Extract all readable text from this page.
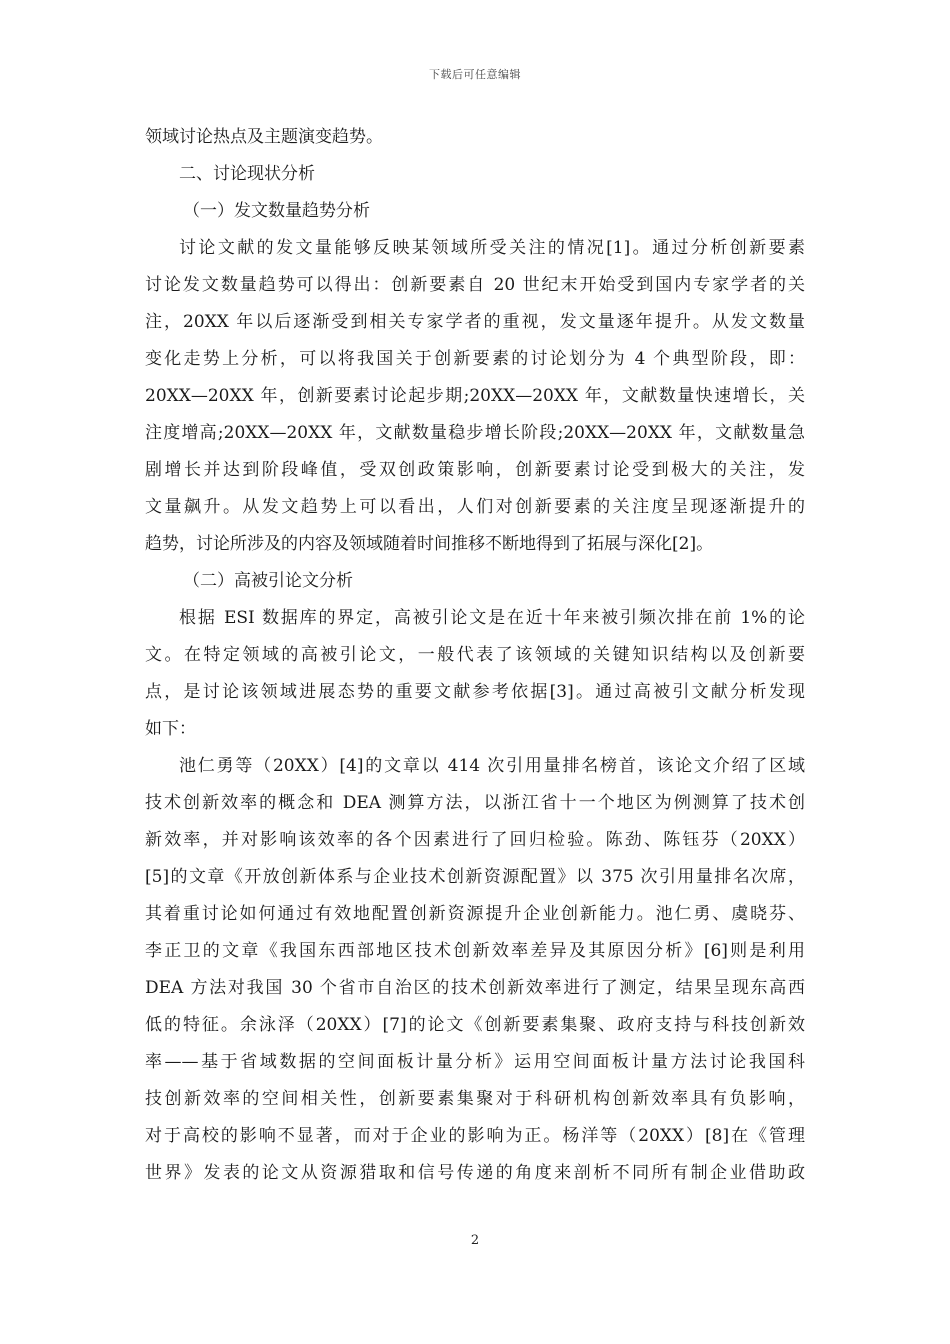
下载后可任意编辑
领域讨论热点及主题演变趋势。
二、讨论现状分析
（一）发文数量趋势分析
讨论文献的发文量能够反映某领域所受关注的情况[1]。通过分析创新要素
讨论发文数量趋势可以得出：创新要素自 20 世纪末开始受到国内专家学者的关
注，20XX 年以后逐渐受到相关专家学者的重视，发文量逐年提升。从发文数量
变化走势上分析，可以将我国关于创新要素的讨论划分为 4 个典型阶段，即：
20XX—20XX 年，创新要素讨论起步期;20XX—20XX 年，文献数量快速增长，关
注度增高;20XX—20XX 年，文献数量稳步增长阶段;20XX—20XX 年，文献数量急
剧增长并达到阶段峰值，受双创政策影响，创新要素讨论受到极大的关注，发
文量飙升。从发文趋势上可以看出，人们对创新要素的关注度呈现逐渐提升的
趋势，讨论所涉及的内容及领域随着时间推移不断地得到了拓展与深化[2]。
（二）高被引论文分析
根据 ESI 数据库的界定，高被引论文是在近十年来被引频次排在前 1%的论
文。在特定领域的高被引论文，一般代表了该领域的关键知识结构以及创新要
点，是讨论该领域进展态势的重要文献参考依据[3]。通过高被引文献分析发现
如下：
池仁勇等（20XX）[4]的文章以 414 次引用量排名榜首，该论文介绍了区域
技术创新效率的概念和 DEA 测算方法，以浙江省十一个地区为例测算了技术创
新效率，并对影响该效率的各个因素进行了回归检验。陈劲、陈钰芬（20XX）
[5]的文章《开放创新体系与企业技术创新资源配置》以 375 次引用量排名次席，
其着重讨论如何通过有效地配置创新资源提升企业创新能力。池仁勇、虞晓芬、
李正卫的文章《我国东西部地区技术创新效率差异及其原因分析》[6]则是利用
DEA 方法对我国 30 个省市自治区的技术创新效率进行了测定，结果呈现东高西
低的特征。余泳泽（20XX）[7]的论文《创新要素集聚、政府支持与科技创新效
率——基于省域数据的空间面板计量分析》运用空间面板计量方法讨论我国科
技创新效率的空间相关性，创新要素集聚对于科研机构创新效率具有负影响，
对于高校的影响不显著，而对于企业的影响为正。杨洋等（20XX）[8]在《管理
世界》发表的论文从资源猎取和信号传递的角度来剖析不同所有制企业借助政
2
